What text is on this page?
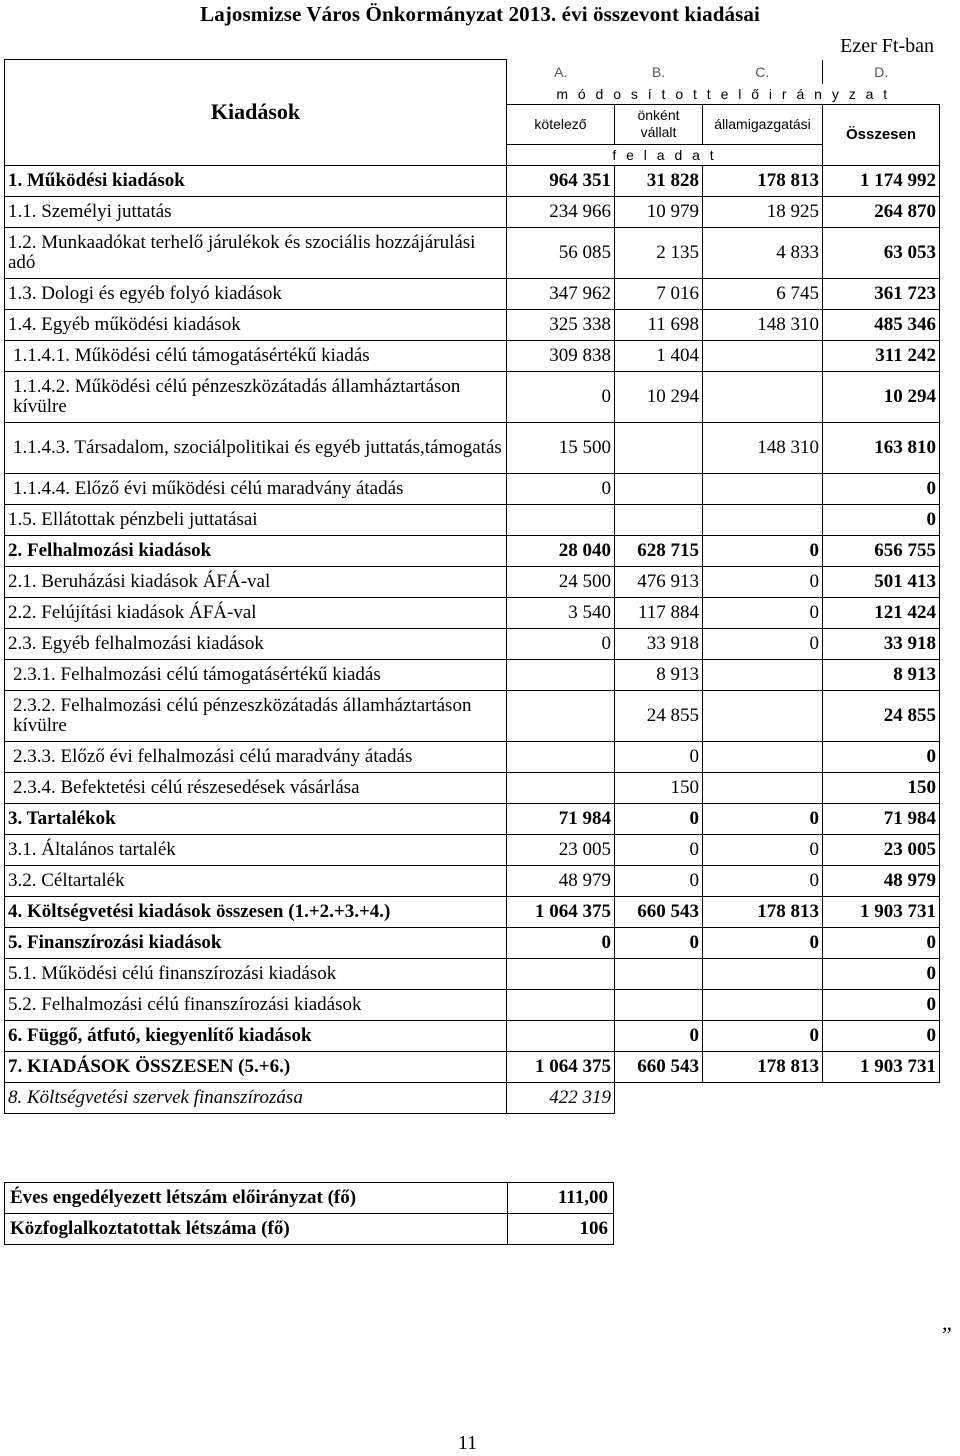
Lajosmizse Város Önkormányzat 2013. évi összevont kiadásai
Ezer Ft-ban
Kiadások	A.	B.	C.	D.
	m ó d o s í t o t t e l ő i r á n y z a t			
	kötelező	önként vállalt	államigazgatási	Összesen
	f e l a d a t			
1. Működési kiadások	964 351	31 828	178 813	1 174 992
1.1. Személyi juttatás	234 966	10 979	18 925	264 870
1.2. Munkaadókat terhelő járulékok és szociális hozzájárulási adó	56 085	2 135	4 833	63 053
1.3. Dologi és egyéb folyó kiadások	347 962	7 016	6 745	361 723
1.4. Egyéb működési kiadások	325 338	11 698	148 310	485 346
1.1.4.1. Működési célú támogatásértékű kiadás	309 838	1 404		311 242
1.1.4.2. Működési célú pénzeszközátadás államháztartáson kívülre	0	10 294		10 294
1.1.4.3. Társadalom, szociálpolitikai és egyéb juttatás,támogatás	15 500		148 310	163 810
1.1.4.4. Előző évi működési célú maradvány átadás	0			0
1.5. Ellátottak pénzbeli juttatásai				0
2. Felhalmozási kiadások	28 040	628 715	0	656 755
2.1. Beruházási kiadások ÁFÁ-val	24 500	476 913	0	501 413
2.2. Felújítási kiadások ÁFÁ-val	3 540	117 884	0	121 424
2.3. Egyéb felhalmozási kiadások	0	33 918	0	33 918
2.3.1. Felhalmozási célú támogatásértékű kiadás		8 913		8 913
2.3.2. Felhalmozási célú pénzeszközátadás államháztartáson kívülre		24 855		24 855
2.3.3. Előző évi felhalmozási célú maradvány átadás		0		0
2.3.4. Befektetési célú részesedések vásárlása		150		150
3. Tartalékok	71 984	0	0	71 984
3.1. Általános tartalék	23 005	0	0	23 005
3.2. Céltartalék	48 979	0	0	48 979
4. Költségvetési kiadások összesen (1.+2.+3.+4.)	1 064 375	660 543	178 813	1 903 731
5. Finanszírozási kiadások	0	0	0	0
5.1. Működési célú finanszírozási kiadások				0
5.2. Felhalmozási célú finanszírozási kiadások				0
6. Függő, átfutó, kiegyenlítő kiadások		0	0	0
7. KIADÁSOK ÖSSZESEN (5.+6.)	1 064 375	660 543	178 813	1 903 731
8. Költségvetési szervek finanszírozása	422 319			
Éves engedélyezett létszám előirányzat (fő)	111,00
Közfoglalkoztatottak létszáma (fő)	106
„
11
